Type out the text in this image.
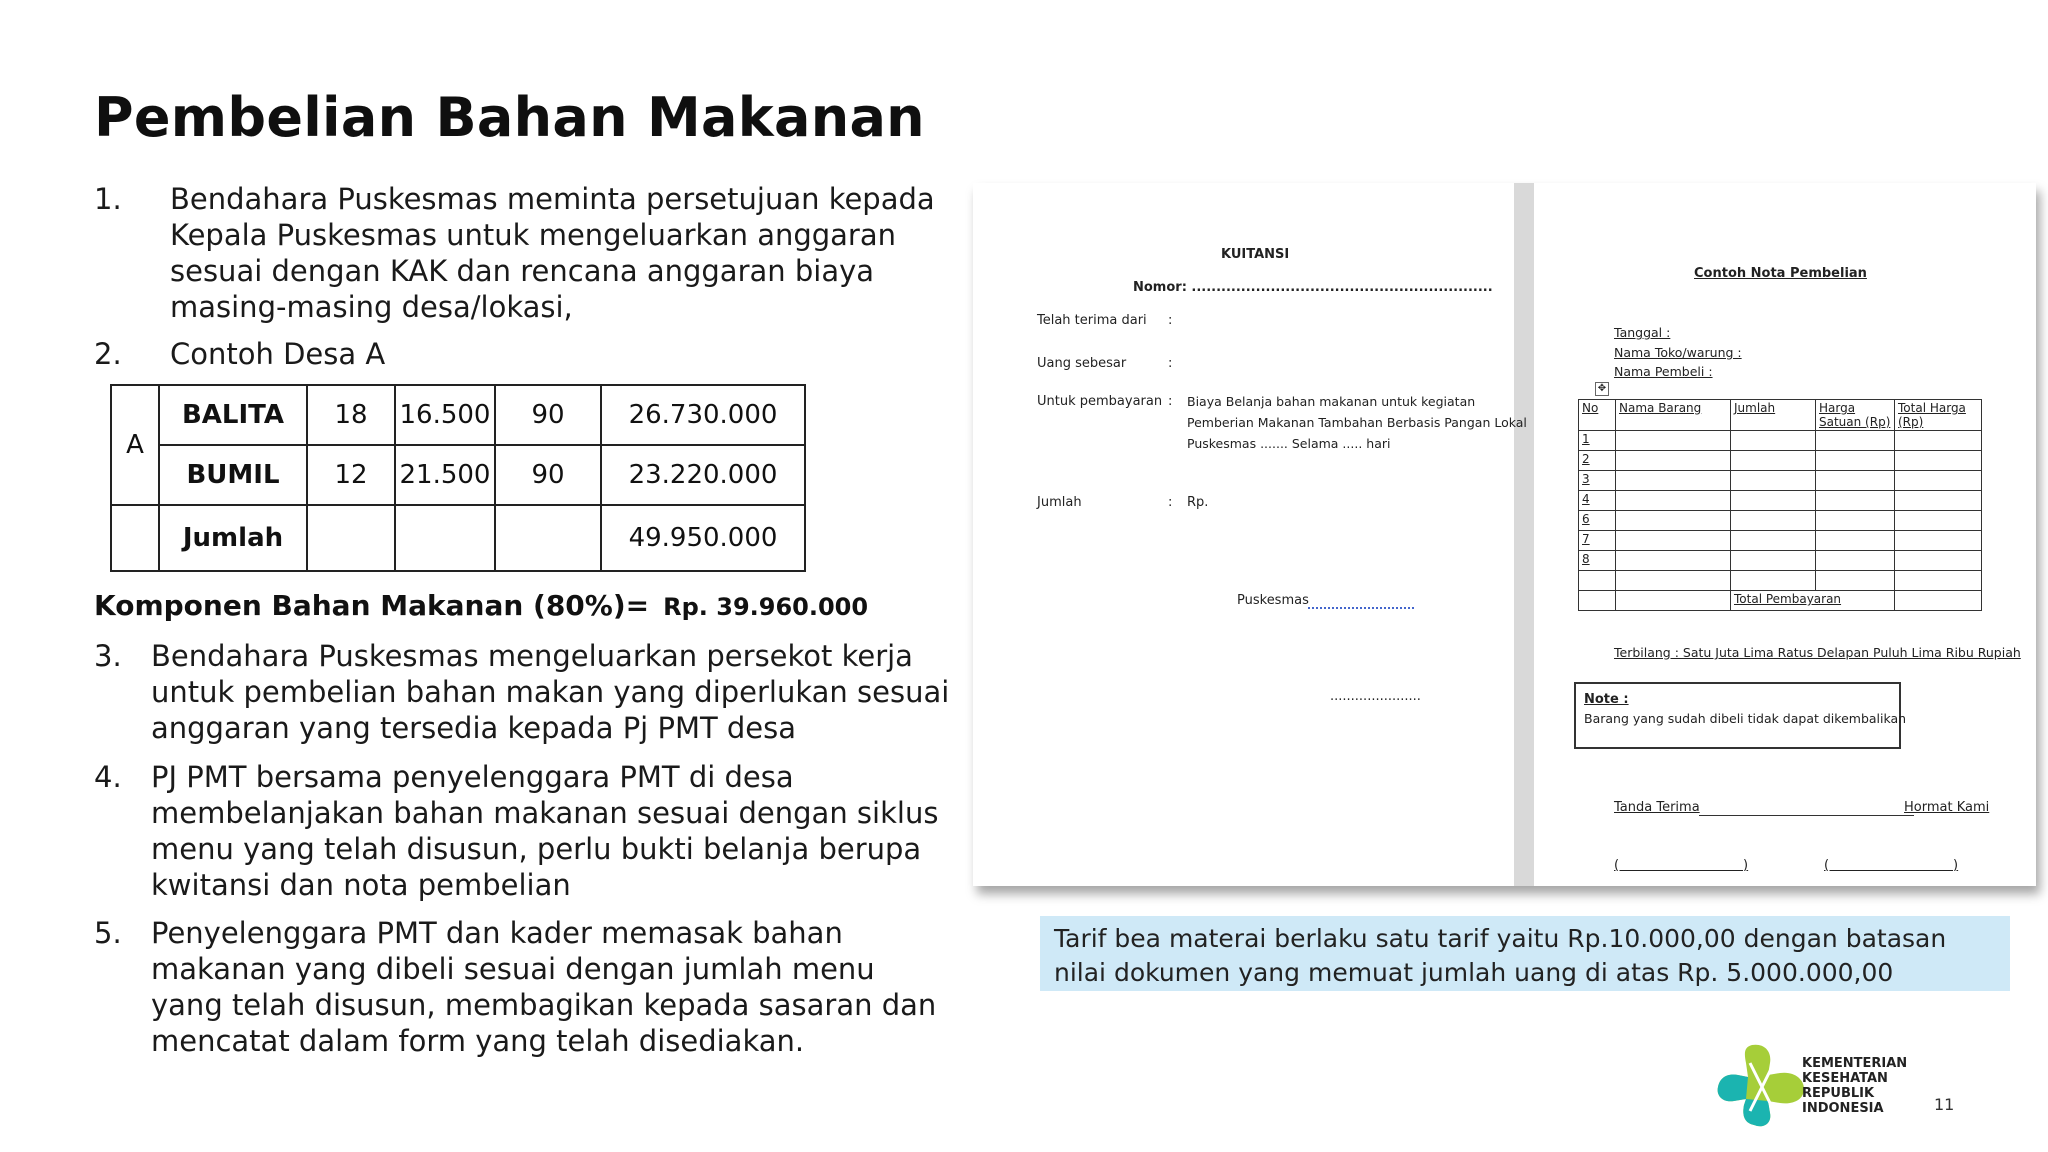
Pembelian Bahan Makanan
1. Bendahara Puskesmas meminta persetujuan kepada
Kepala Puskesmas untuk mengeluarkan anggaran
sesuai dengan KAK dan rencana anggaran biaya
masing-masing desa/lokasi,
2. Contoh Desa A
A	BALITA	18	16.500	90	26.730.000
	BUMIL	12	21.500	90	23.220.000
	Jumlah				49.950.000
Komponen Bahan Makanan (80%)= Rp. 39.960.000
3. Bendahara Puskesmas mengeluarkan persekot kerja
untuk pembelian bahan makan yang diperlukan sesuai
anggaran yang tersedia kepada Pj PMT desa
4. PJ PMT bersama penyelenggara PMT di desa
membelanjakan bahan makanan sesuai dengan siklus
menu yang telah disusun, perlu bukti belanja berupa
kwitansi dan nota pembelian
5. Penyelenggara PMT dan kader memasak bahan
makanan yang dibeli sesuai dengan jumlah menu
yang telah disusun, membagikan kepada sasaran dan
mencatat dalam form yang telah disediakan.
KUITANSI
Nomor: .............................................................
Telah terima dari :
Uang sebesar	:
Untuk pembayaran : Biaya Belanja bahan makanan untuk kegiatan
Pemberian Makanan Tambahan Berbasis Pangan Lokal
Puskesmas ....... Selama ..... hari
Jumlah	: Rp.
Puskesmas
......................
Contoh Nota Pembelian
Tanggal :
Nama Toko/warung :
Nama Pembeli :
✥
No	Nama Barang	Jumlah	Harga Satuan (Rp)	Total Harga (Rp)
1				
2				
3				
4				
6				
7				
8				

		Total Pembayaran		
Terbilang : Satu Juta Lima Ratus Delapan Puluh Lima Ribu Rupiah
Note :
Barang yang sudah dibeli tidak dapat dikembalikan
Tanda Terima	Hormat Kami
(                              )	(                              )
Tarif bea materai berlaku satu tarif yaitu Rp.10.000,00 dengan batasan nilai dokumen yang memuat jumlah uang di atas Rp. 5.000.000,00
KEMENTERIAN
KESEHATAN
REPUBLIK
INDONESIA	11
